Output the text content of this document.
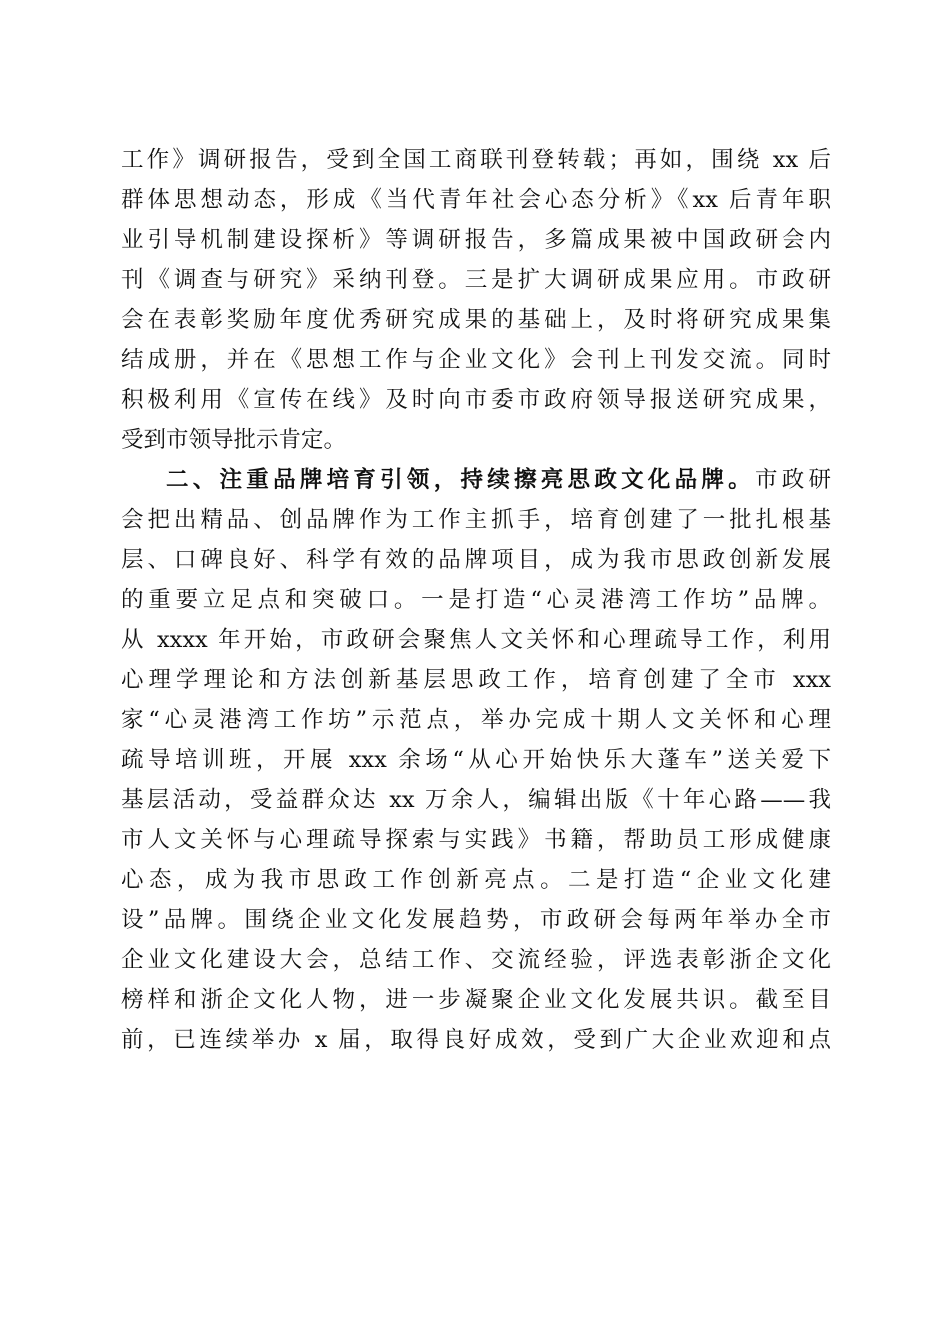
工作》调研报告，受到全国工商联刊登转载；再如，围绕 xx 后
群体思想动态，形成《当代青年社会心态分析》《xx 后青年职
业引导机制建设探析》等调研报告，多篇成果被中国政研会内
刊《调查与研究》采纳刊登。三是扩大调研成果应用。市政研
会在表彰奖励年度优秀研究成果的基础上，及时将研究成果集
结成册，并在《思想工作与企业文化》会刊上刊发交流。同时
积极利用《宣传在线》及时向市委市政府领导报送研究成果，
受到市领导批示肯定。
二、注重品牌培育引领，持续擦亮思政文化品牌。市政研
会把出精品、创品牌作为工作主抓手，培育创建了一批扎根基
层、口碑良好、科学有效的品牌项目，成为我市思政创新发展
的重要立足点和突破口。一是打造“心灵港湾工作坊”品牌。
从 xxxx 年开始，市政研会聚焦人文关怀和心理疏导工作，利用
心理学理论和方法创新基层思政工作，培育创建了全市 xxx
家“心灵港湾工作坊”示范点，举办完成十期人文关怀和心理
疏导培训班，开展 xxx 余场“从心开始快乐大蓬车”送关爱下
基层活动，受益群众达 xx 万余人，编辑出版《十年心路——我
市人文关怀与心理疏导探索与实践》书籍，帮助员工形成健康
心态，成为我市思政工作创新亮点。二是打造“企业文化建
设”品牌。围绕企业文化发展趋势，市政研会每两年举办全市
企业文化建设大会，总结工作、交流经验，评选表彰浙企文化
榜样和浙企文化人物，进一步凝聚企业文化发展共识。截至目
前，已连续举办 x 届，取得良好成效，受到广大企业欢迎和点
